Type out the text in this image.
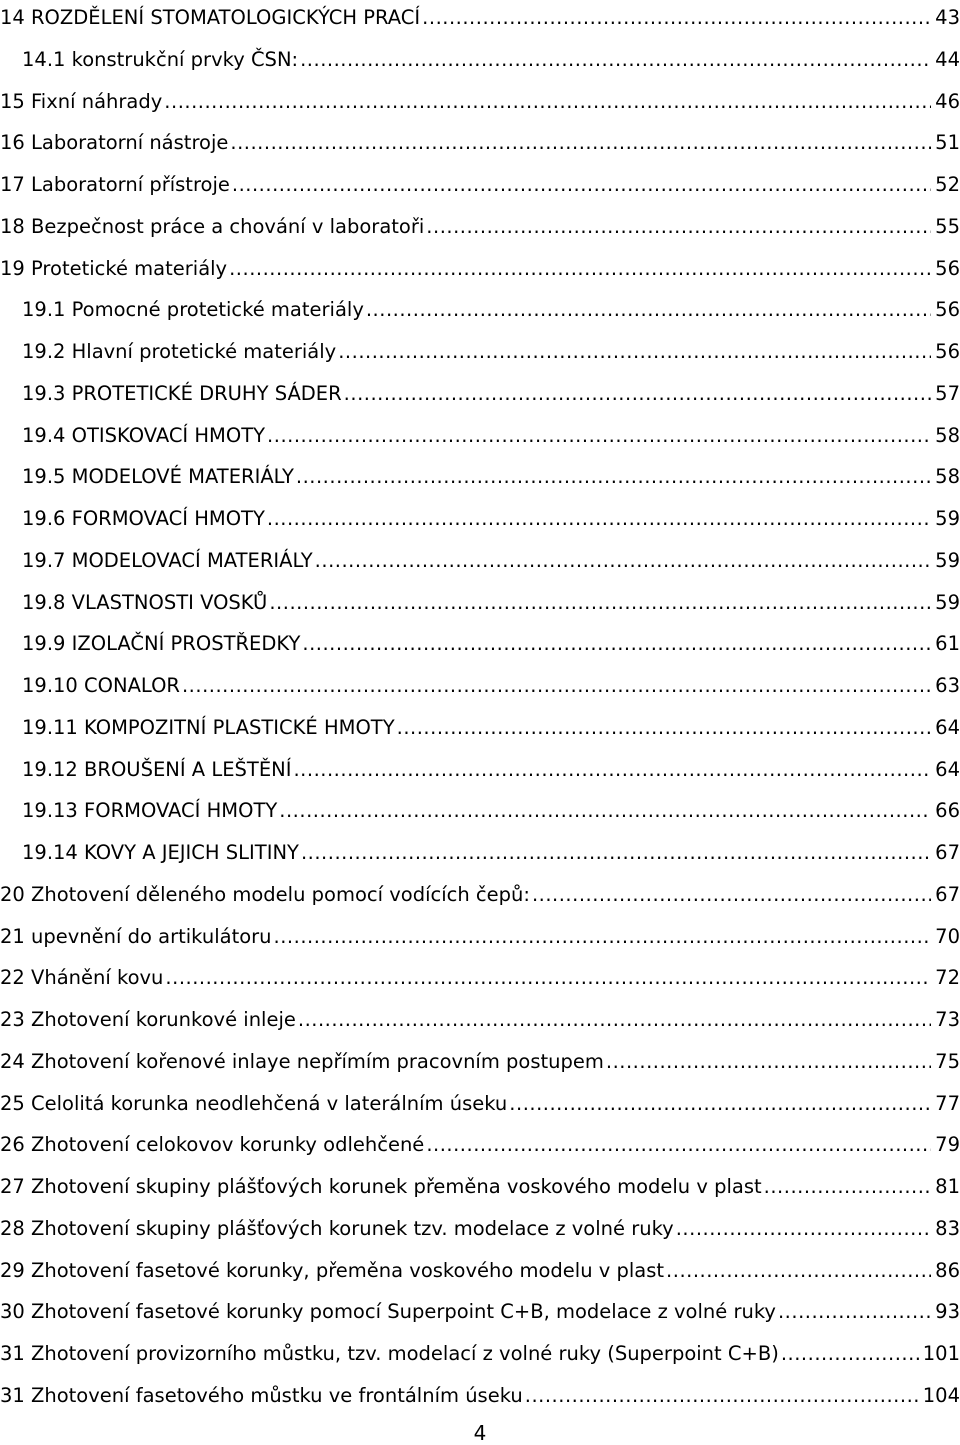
14 ROZDĚLENÍ STOMATOLOGICKÝCH PRACÍ .....	43
14.1 konstrukční prvky ČSN: .....	44
15 Fixní náhrady .....	46
16 Laboratorní nástroje .....	51
17 Laboratorní přístroje .....	52
18 Bezpečnost práce a chování v laboratoři .....	55
19 Protetické materiály .....	56
19.1 Pomocné protetické materiály .....	56
19.2 Hlavní protetické materiály .....	56
19.3 PROTETICKÉ DRUHY SÁDER .....	57
19.4 OTISKOVACÍ HMOTY .....	58
19.5 MODELOVÉ MATERIÁLY .....	58
19.6 FORMOVACÍ HMOTY .....	59
19.7 MODELOVACÍ MATERIÁLY .....	59
19.8 VLASTNOSTI VOSKŮ .....	59
19.9 IZOLAČNÍ PROSTŘEDKY .....	61
19.10 CONALOR .....	63
19.11 KOMPOZITNÍ PLASTICKÉ HMOTY .....	64
19.12 BROUŠENÍ A LEŠTĚNÍ .....	64
19.13 FORMOVACÍ HMOTY .....	66
19.14 KOVY A JEJICH SLITINY .....	67
20 Zhotovení děleného modelu pomocí vodících čepů: .....	67
21 upevnění do artikulátoru .....	70
22 Vhánění kovu .....	72
23 Zhotovení korunkové inleje .....	73
24 Zhotovení kořenové inlaye nepřímím pracovním postupem .....	75
25 Celolitá korunka neodlehčená v laterálním úseku .....	77
26 Zhotovení celokovov korunky odlehčené .....	79
27 Zhotovení skupiny plášťových korunek přeměna voskového modelu v plast .....	81
28 Zhotovení skupiny plášťových korunek tzv. modelace z volné ruky .....	83
29 Zhotovení fasetové korunky, přeměna voskového modelu v plast .....	86
30 Zhotovení fasetové korunky pomocí Superpoint C+B, modelace z volné ruky .....	93
31 Zhotovení provizorního můstku, tzv. modelací z volné ruky (Superpoint C+B) .....	101
31 Zhotovení fasetového můstku ve frontálním úseku .....	104
4
